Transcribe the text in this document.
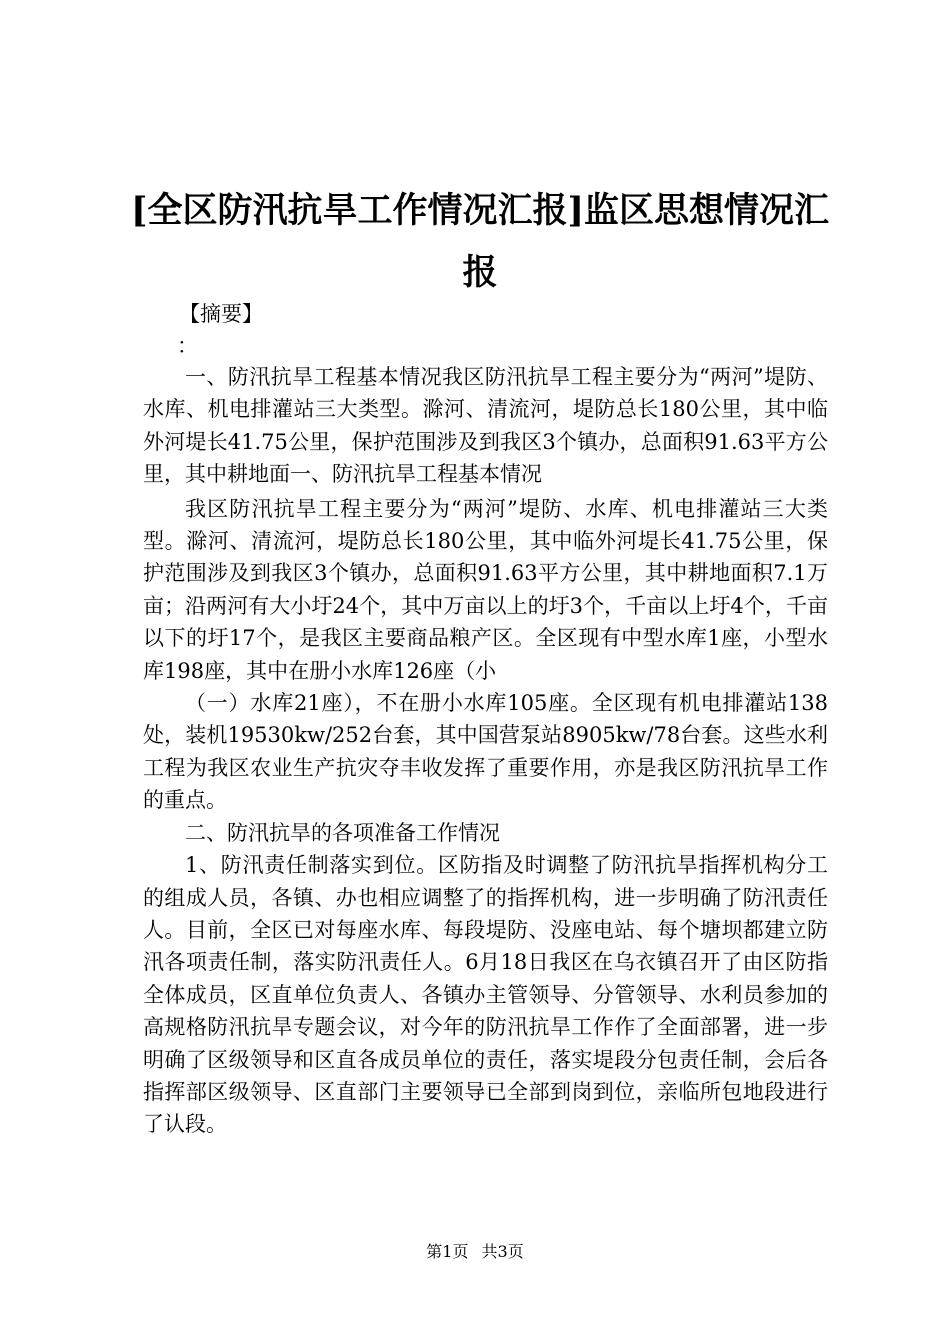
[全区防汛抗旱工作情况汇报]监区思想情况汇报
【摘要】
：

一、防汛抗旱工程基本情况我区防汛抗旱工程主要分为“两河”堤防、水库、机电排灌站三大类型。滁河、清流河，堤防总长180公里，其中临外河堤长41.75公里，保护范围涉及到我区3个镇办，总面积91.63平方公里，其中耕地面一、防汛抗旱工程基本情况

我区防汛抗旱工程主要分为“两河”堤防、水库、机电排灌站三大类型。滁河、清流河，堤防总长180公里，其中临外河堤长41.75公里，保护范围涉及到我区3个镇办，总面积91.63平方公里，其中耕地面积7.1万亩；沿两河有大小圩24个，其中万亩以上的圩3个，千亩以上圩4个，千亩以下的圩17个，是我区主要商品粮产区。全区现有中型水库1座，小型水库198座，其中在册小水库126座（小

（一）水库21座），不在册小水库105座。全区现有机电排灌站138处，装机19530kw/252台套，其中国营泵站8905kw/78台套。这些水利工程为我区农业生产抗灾夺丰收发挥了重要作用，亦是我区防汛抗旱工作的重点。

二、防汛抗旱的各项准备工作情况

1、防汛责任制落实到位。区防指及时调整了防汛抗旱指挥机构分工的组成人员，各镇、办也相应调整了的指挥机构，进一步明确了防汛责任人。目前，全区已对每座水库、每段堤防、没座电站、每个塘坝都建立防汛各项责任制，落实防汛责任人。6月18日我区在乌衣镇召开了由区防指全体成员，区直单位负责人、各镇办主管领导、分管领导、水利员参加的高规格防汛抗旱专题会议，对今年的防汛抗旱工作作了全面部署，进一步明确了区级领导和区直各成员单位的责任，落实堤段分包责任制，会后各指挥部区级领导、区直部门主要领导已全部到岗到位，亲临所包地段进行了认段。

第1页 共3页
